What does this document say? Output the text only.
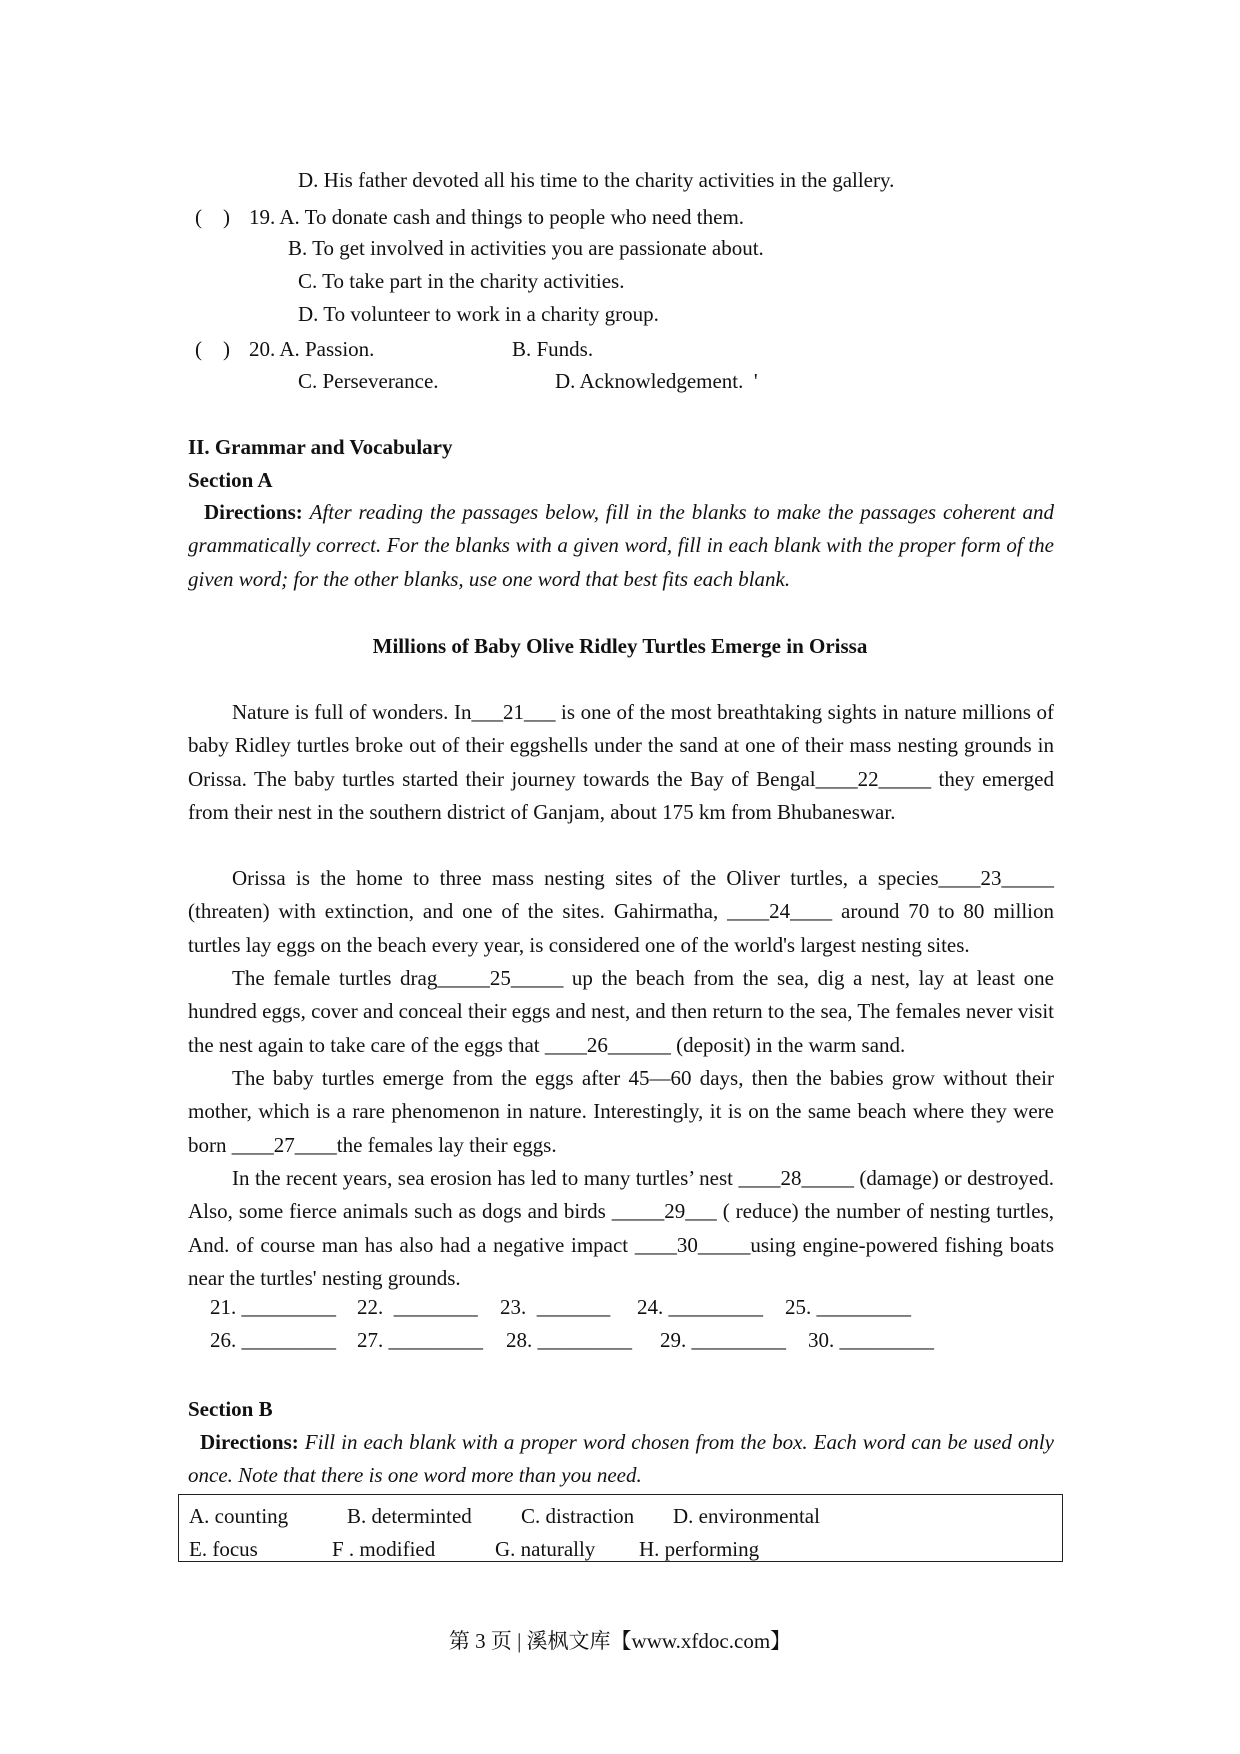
D. His father devoted all his time to the charity activities in the gallery.
(    ) 19. A. To donate cash and things to people who need them.
B. To get involved in activities you are passionate about.
C. To take part in the charity activities.
D. To volunteer to work in a charity group.
(    ) 20. A. Passion.	B. Funds.
C. Perseverance.	D. Acknowledgement.  '
II. Grammar and Vocabulary
Section A
Directions: After reading the passages below, fill in the blanks to make the passages coherent and grammatically correct. For the blanks with a given word, fill in each blank with the proper form of the given word; for the other blanks, use one word that best fits each blank.
Millions of Baby Olive Ridley Turtles Emerge in Orissa
Nature is full of wonders. In___21___ is one of the most breathtaking sights in nature millions of baby Ridley turtles broke out of their eggshells under the sand at one of their mass nesting grounds in Orissa. The baby turtles started their journey towards the Bay of Bengal____22_____ they emerged from their nest in the southern district of Ganjam, about 175 km from Bhubaneswar.
Orissa is the home to three mass nesting sites of the Oliver turtles, a species____23_____ (threaten) with extinction, and one of the sites. Gahirmatha, ____24____ around 70 to 80 million turtles lay eggs on the beach every year, is considered one of the world's largest nesting sites.
The female turtles drag_____25_____ up the beach from the sea, dig a nest, lay at least one hundred eggs, cover and conceal their eggs and nest, and then return to the sea, The females never visit the nest again to take care of the eggs that ____26______ (deposit) in the warm sand.
The baby turtles emerge from the eggs after 45—60 days, then the babies grow without their mother, which is a rare phenomenon in nature. Interestingly, it is on the same beach where they were born ____27____the females lay their eggs.
In the recent years, sea erosion has led to many turtles’ nest ____28_____ (damage) or destroyed. Also, some fierce animals such as dogs and birds _____29___ ( reduce) the number of nesting turtles, And. of course man has also had a negative impact ____30_____using engine-powered fishing boats near the turtles' nesting grounds.
21. _________ 22.  ________ 23.  _______ 24. _________ 25. _________
26. _________ 27. _________ 28. _________ 29. _________ 30. _________
Section B
Directions: Fill in each blank with a proper word chosen from the box. Each word can be used only once. Note that there is one word more than you need.
A. counting	B. determinted C. distraction D. environmental
E. focus	F . modified	G. naturally H. performing
第 3 页 | 溪枫文库【www.xfdoc.com】
